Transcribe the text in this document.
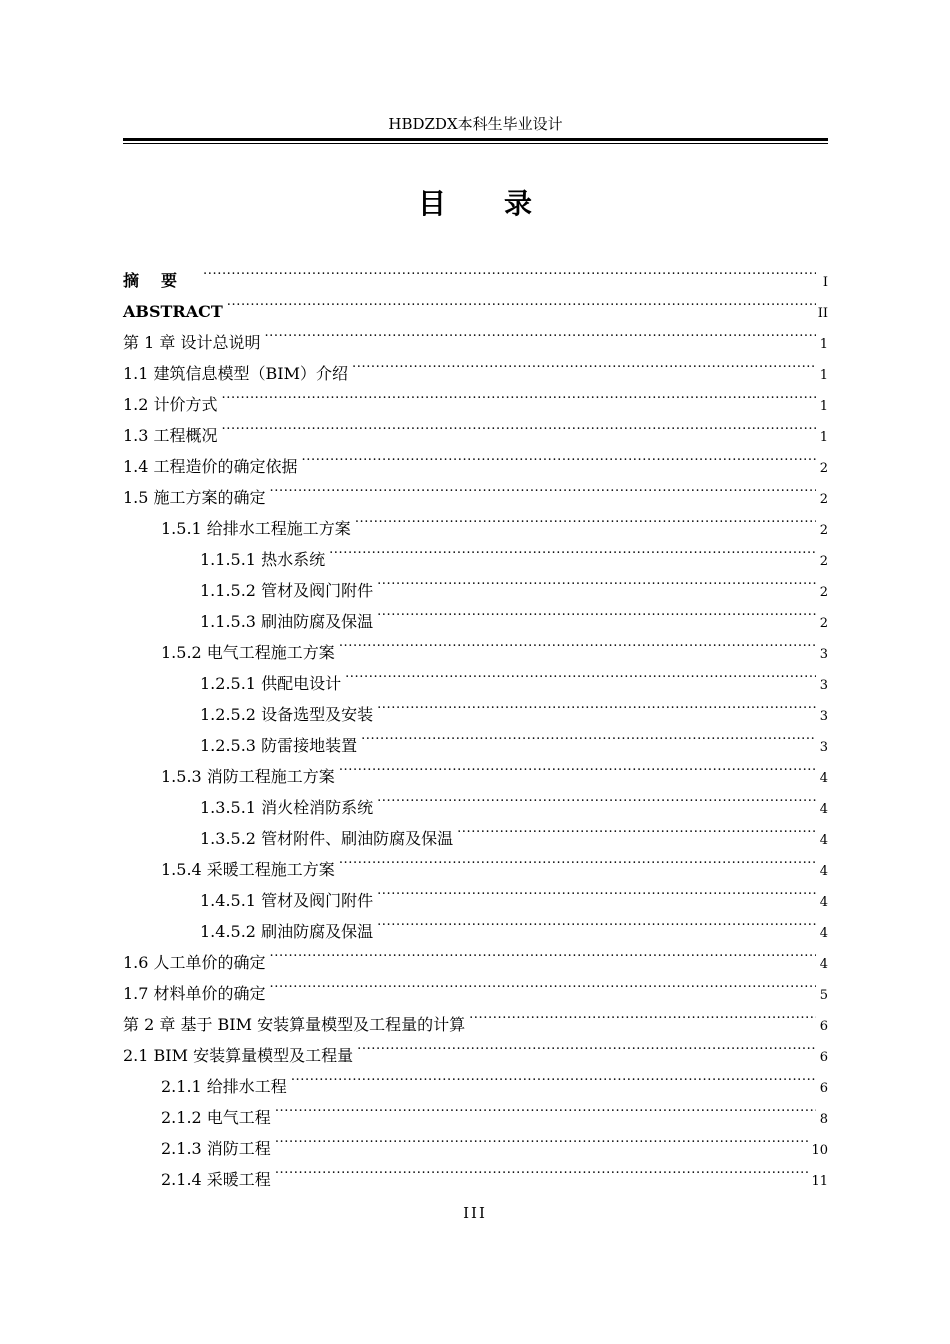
HBDZDX本科生毕业设计
目录
摘要 .....	I
ABSTRACT .....	II
第 1 章 设计总说明 .....	1
1.1 建筑信息模型（BIM）介绍 .....	1
1.2 计价方式 .....	1
1.3 工程概况 .....	1
1.4 工程造价的确定依据 .....	2
1.5 施工方案的确定 .....	2
1.5.1 给排水工程施工方案 .....	2
1.1.5.1 热水系统 .....	2
1.1.5.2 管材及阀门附件 .....	2
1.1.5.3 刷油防腐及保温 .....	2
1.5.2 电气工程施工方案 .....	3
1.2.5.1 供配电设计 .....	3
1.2.5.2 设备选型及安装 .....	3
1.2.5.3 防雷接地装置 .....	3
1.5.3 消防工程施工方案 .....	4
1.3.5.1 消火栓消防系统 .....	4
1.3.5.2 管材附件、刷油防腐及保温 .....	4
1.5.4 采暖工程施工方案 .....	4
1.4.5.1 管材及阀门附件 .....	4
1.4.5.2 刷油防腐及保温 .....	4
1.6 人工单价的确定 .....	4
1.7 材料单价的确定 .....	5
第 2 章 基于 BIM 安装算量模型及工程量的计算 .....	6
2.1 BIM 安装算量模型及工程量 .....	6
2.1.1 给排水工程 .....	6
2.1.2 电气工程 .....	8
2.1.3 消防工程 .....	10
2.1.4 采暖工程 .....	11
III
